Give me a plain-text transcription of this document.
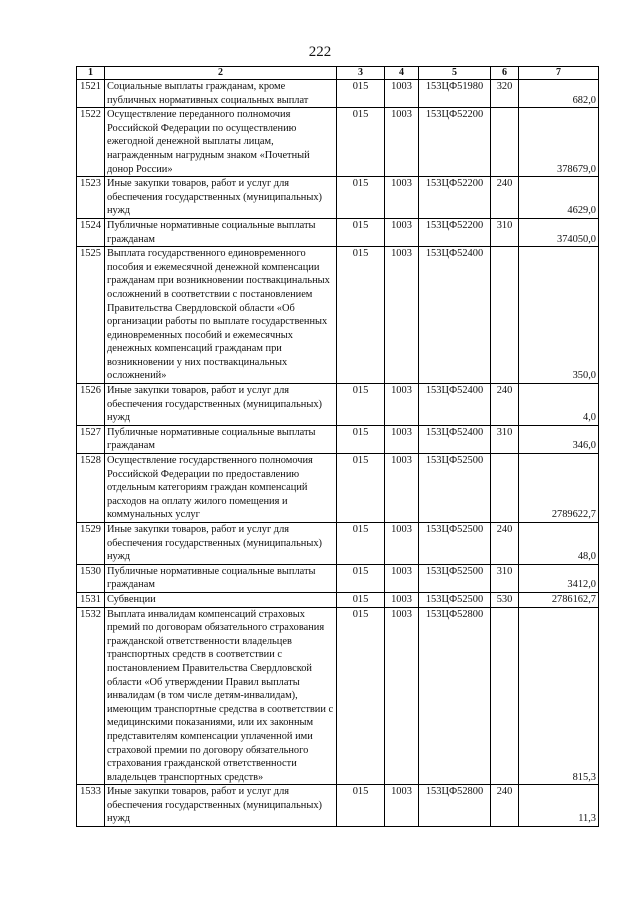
222
1	2	3	4	5	6	7
1521	Социальные выплаты гражданам, кроме публичных нормативных социальных выплат	015	1003	153ЦФ51980	320	682,0
1522	Осуществление переданного полномочия Российской Федерации по осуществлению ежегодной денежной выплаты лицам, награжденным нагрудным знаком «Почетный донор России»	015	1003	153ЦФ52200		378679,0
1523	Иные закупки товаров, работ и услуг для обеспечения государственных (муниципальных) нужд	015	1003	153ЦФ52200	240	4629,0
1524	Публичные нормативные социальные выплаты гражданам	015	1003	153ЦФ52200	310	374050,0
1525	Выплата государственного единовременного пособия и ежемесячной денежной компенсации гражданам при возникновении поствакцинальных осложнений в соответствии с постановлением Правительства Свердловской области «Об организации работы по выплате государственных единовременных пособий и ежемесячных денежных компенсаций гражданам при возникновении у них поствакцинальных осложнений»	015	1003	153ЦФ52400		350,0
1526	Иные закупки товаров, работ и услуг для обеспечения государственных (муниципальных) нужд	015	1003	153ЦФ52400	240	4,0
1527	Публичные нормативные социальные выплаты гражданам	015	1003	153ЦФ52400	310	346,0
1528	Осуществление государственного полномочия Российской Федерации по предоставлению отдельным категориям граждан компенсаций расходов на оплату жилого помещения и коммунальных услуг	015	1003	153ЦФ52500		2789622,7
1529	Иные закупки товаров, работ и услуг для обеспечения государственных (муниципальных) нужд	015	1003	153ЦФ52500	240	48,0
1530	Публичные нормативные социальные выплаты гражданам	015	1003	153ЦФ52500	310	3412,0
1531	Субвенции	015	1003	153ЦФ52500	530	2786162,7
1532	Выплата инвалидам компенсаций страховых премий по договорам обязательного страхования гражданской ответственности владельцев транспортных средств в соответствии с постановлением Правительства Свердловской области «Об утверждении Правил выплаты инвалидам (в том числе детям-инвалидам), имеющим транспортные средства в соответствии с медицинскими показаниями, или их законным представителям компенсации уплаченной ими страховой премии по договору обязательного страхования гражданской ответственности владельцев транспортных средств»	015	1003	153ЦФ52800		815,3
1533	Иные закупки товаров, работ и услуг для обеспечения государственных (муниципальных) нужд	015	1003	153ЦФ52800	240	11,3
